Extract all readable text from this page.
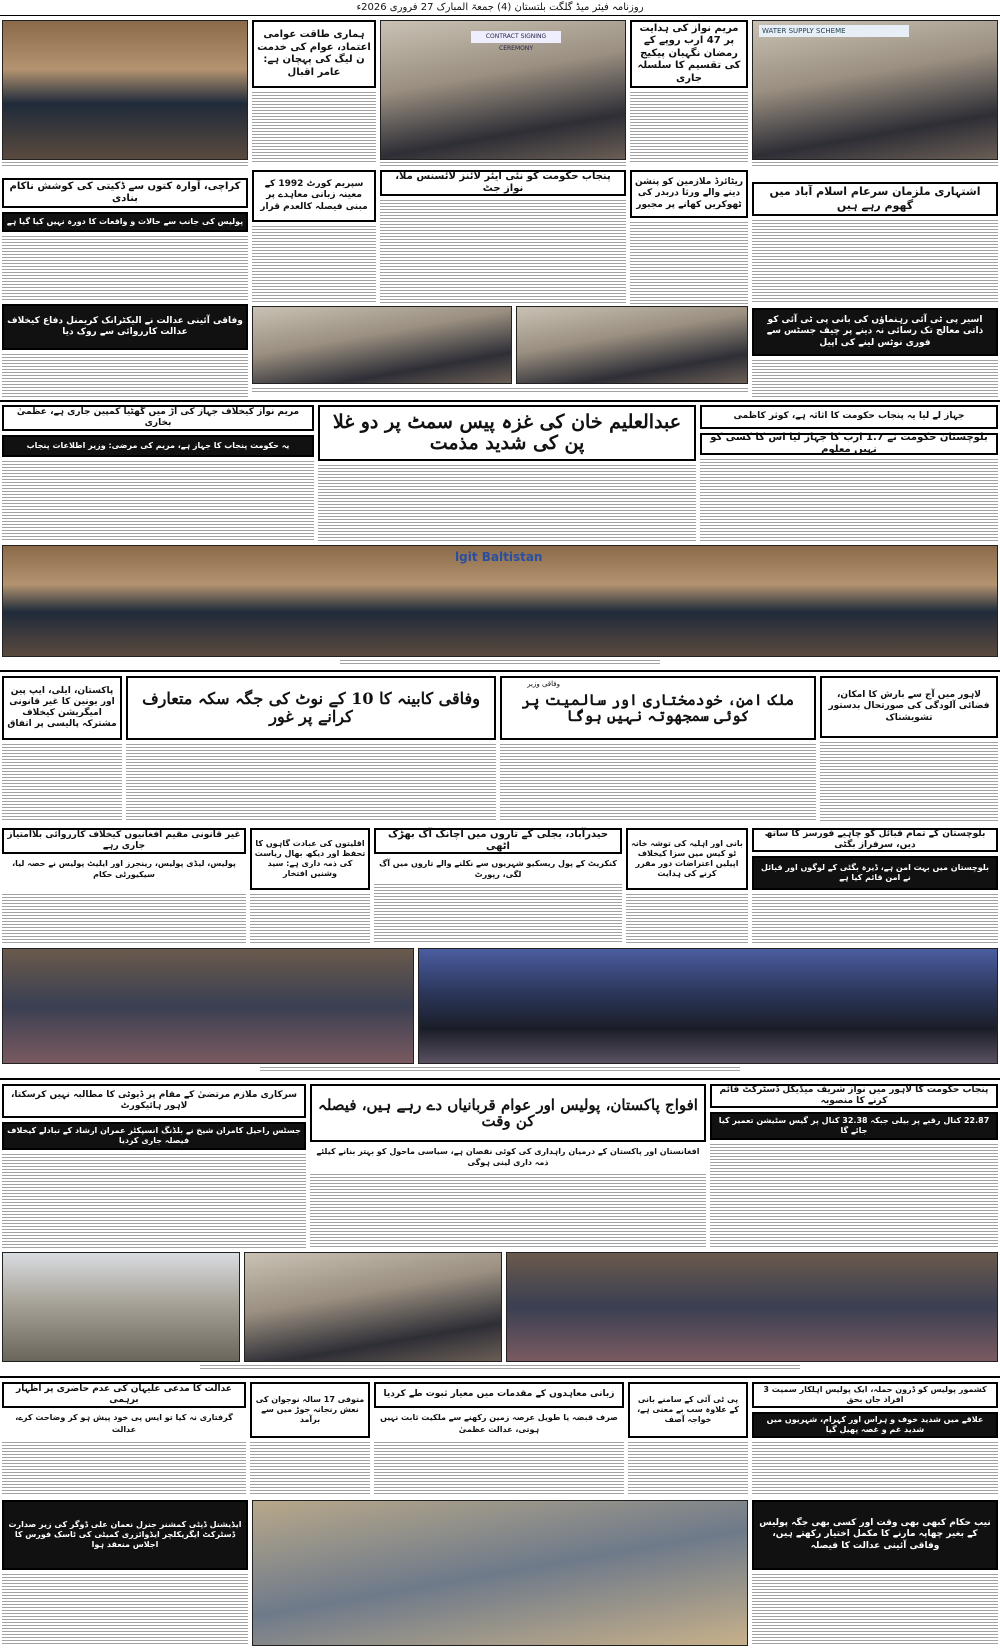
روزنامہ فیئر میڈ گلگت بلتستان (4) جمعۃ المبارک 27 فروری 2026ء
WATER SUPPLY SCHEME
مریم نواز کی ہدایت پر 47 ارب روپے کے رمضان نگہبان پیکیج کی تقسیم کا سلسلہ جاری
CONTRACT SIGNING CEREMONY
ہماری طاقت عوامی اعتماد، عوام کی خدمت ن لیگ کی پہچان ہے: عامر اقبال
اشتہاری ملزمان سرعام اسلام آباد میں گھوم رہے ہیں
ریٹائرڈ ملازمین کو پنشن دینے والے ورثا دربدر کی ٹھوکریں کھانے پر مجبور
پنجاب حکومت کو نئی ایئر لائنز لائسنس ملا، نواز جٹ
سپریم کورٹ 1992 کے معینہ زبانی معاہدے پر مبنی فیصلہ کالعدم قرار
کراچی، آوارہ کتوں سے ڈکیتی کی کوشش ناکام بنادی
پولیس کی جانب سے حالات و واقعات کا دورہ نہیں کیا گیا ہے
اسیر پی ٹی آئی رہنماؤں کی بانی پی ٹی آئی کو ذاتی معالج تک رسائی نہ دینے پر چیف جسٹس سے فوری نوٹس لینے کی اپیل
وفاقی آئینی عدالت نے الیکٹرانک کریمنل دفاع کیخلاف عدالت کارروائی سے روک دیا
جہاز لے لیا یہ پنجاب حکومت کا اثاثہ ہے، کوثر کاظمی
بلوچستان حکومت نے 1.7 ارب کا جہاز لیا اس کا کسی کو نہیں معلوم
عبدالعلیم خان کی غزہ پیس سمٹ پر دو غلا پن کی شدید مذمت
مریم نواز کیخلاف جہاز کی آڑ میں گھٹیا کمپین جاری ہے، عظمیٰ بخاری
یہ حکومت پنجاب کا جہاز ہے، مریم کی مرضی: وزیر اطلاعات پنجاب
lgit Baltistan
لاہور میں آج سے بارش کا امکان، فضائی آلودگی کی صورتحال بدستور تشویشناک
ملک امن، خودمختاری اور سالمیت پر کوئی سمجھوتہ نہیں ہوگا
وفاقی وزیر
وفاقی کابینہ کا 10 کے نوٹ کی جگہ سکہ متعارف کرانے پر غور
پاکستان، ایلی، ایپ پین اور یونین کا غیر قانونی امیگریشن کیخلاف مشترکہ پالیسی پر اتفاق
بلوچستان کے تمام قبائل کو چاہیے فورسز کا ساتھ دیں، سرفراز بگٹی
بلوچستان میں بہت امن ہے، ڈیرہ بگٹی کے لوگوں اور قبائل نے امن قائم کیا ہے
بانی اور اہلیہ کی توشہ خانہ ٹو کیس میں سزا کیخلاف اپیلیں اعتراضات دور مقرر کرنے کی ہدایت
حیدرآباد، بجلی کے تاروں میں اچانک آگ بھڑک اٹھی
کنکریٹ کے پول ریسکیو شہریوں سے نکلنے والے تاروں میں آگ لگی، رپورٹ
اقلیتوں کی عبادت گاہوں کا تحفظ اور دیکھ بھال ریاست کی ذمہ داری ہے: سید وشنیں افتخار
غیر قانونی مقیم افغانیوں کیخلاف کارروائی بلاامتیاز جاری رہے
پولیس، لیڈی پولیس، رینجرز اور ایلیٹ پولیس نے حصہ لیا، سیکیورٹی حکام
پنجاب حکومت کا لاہور میں نواز شریف میڈیکل ڈسٹرکٹ قائم کرنے کا منصوبہ
22.87 کنال رقبے پر بیلی جبکہ 32.38 کنال پر گیس سٹیشن تعمیر کیا جائے گا
افواج پاکستان، پولیس اور عوام قربانیاں دے رہے ہیں، فیصلہ کن وقت
افغانستان اور پاکستان کے درمیان راہداری کی کوئی نقصان ہے، سیاسی ماحول کو بہتر بنانے کیلئے ذمہ داری لینی ہوگی
سرکاری ملازم مرتضیٰ کے مقام پر ڈیوٹی کا مطالبہ نہیں کرسکتا، لاہور ہائیکورٹ
جسٹس راحیل کامران شیخ نے بلڈنگ انسپکٹر عمران ارشاد کے تبادلے کیخلاف فیصلہ جاری کردیا
کشمور پولیس کو ڈرون حملہ، ایک پولیس اہلکار سمیت 3 افراد جاں بحق
علاقے میں شدید خوف و ہراس اور کہرام، شہریوں میں شدید غم و غصہ پھیل گیا
پی ٹی آئی کے سامنے بانی کے علاوہ سب بے معنی ہے، خواجہ آصف
زبانی معاہدوں کے مقدمات میں معیار ثبوت طے کردیا
صرف قبضہ یا طویل عرصہ زمین رکھنے سے ملکیت ثابت نہیں ہوتی، عدالت عظمیٰ
متوفی 17 سالہ نوجوان کی نعش رنجانہ جوڑ میں سے برآمد
عدالت کا مدعی علیہان کی عدم حاضری پر اظہار برہمی
گرفتاری نہ کیا تو ایس پی خود پیش ہو کر وضاحت کرے، عدالت
نیب حکام کبھی بھی وقت اور کسی بھی جگہ پولیس کے بغیر چھاپہ مارنے کا مکمل اختیار رکھتے ہیں، وفاقی آئینی عدالت کا فیصلہ
ایڈیشنل ڈپٹی کمشنر جنرل نعمان علی ڈوگر کی زیر صدارت ڈسٹرکٹ ایگریکلچر ایڈوائزری کمیٹی کی ٹاسک فورس کا اجلاس منعقد ہوا
